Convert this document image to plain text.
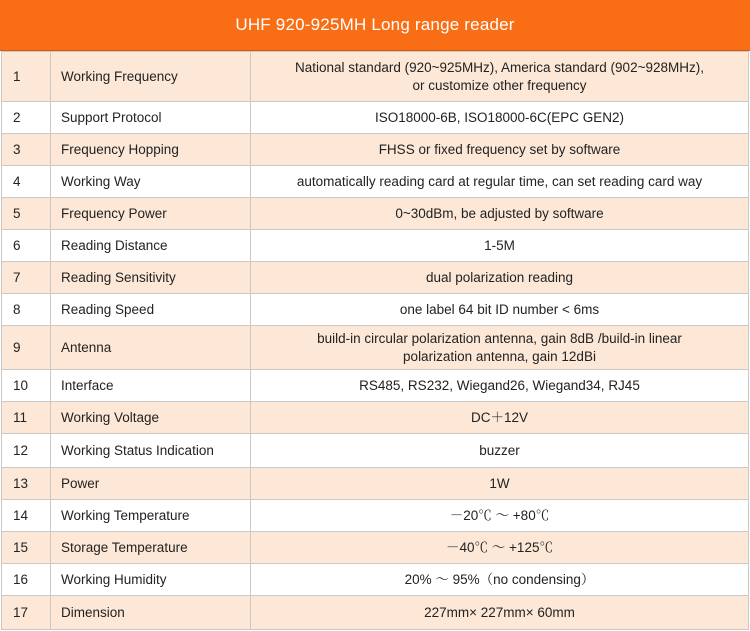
UHF 920-925MH Long range reader
1	Working Frequency	National standard (920~925MHz), America standard (902~928MHz),
or customize other frequency
2	Support Protocol	ISO18000-6B, ISO18000-6C(EPC GEN2)
3	Frequency Hopping	FHSS or fixed frequency set by software
4	Working Way	automatically reading card at regular time, can set reading card way
5	Frequency Power	0~30dBm, be adjusted by software
6	Reading Distance	1-5M
7	Reading Sensitivity	dual polarization reading
8	Reading Speed	one label 64 bit ID number < 6ms
9	Antenna	build-in circular polarization antenna, gain 8dB /build-in linear
polarization antenna, gain 12dBi
10	Interface	RS485, RS232, Wiegand26, Wiegand34, RJ45
11	Working Voltage	DC＋12V
12	Working Status Indication	buzzer
13	Power	1W
14	Working Temperature	－20℃ ～ +80℃
15	Storage Temperature	－40℃ ～ +125℃
16	Working Humidity	20% ～ 95%（no condensing）
17	Dimension	227mm× 227mm× 60mm
